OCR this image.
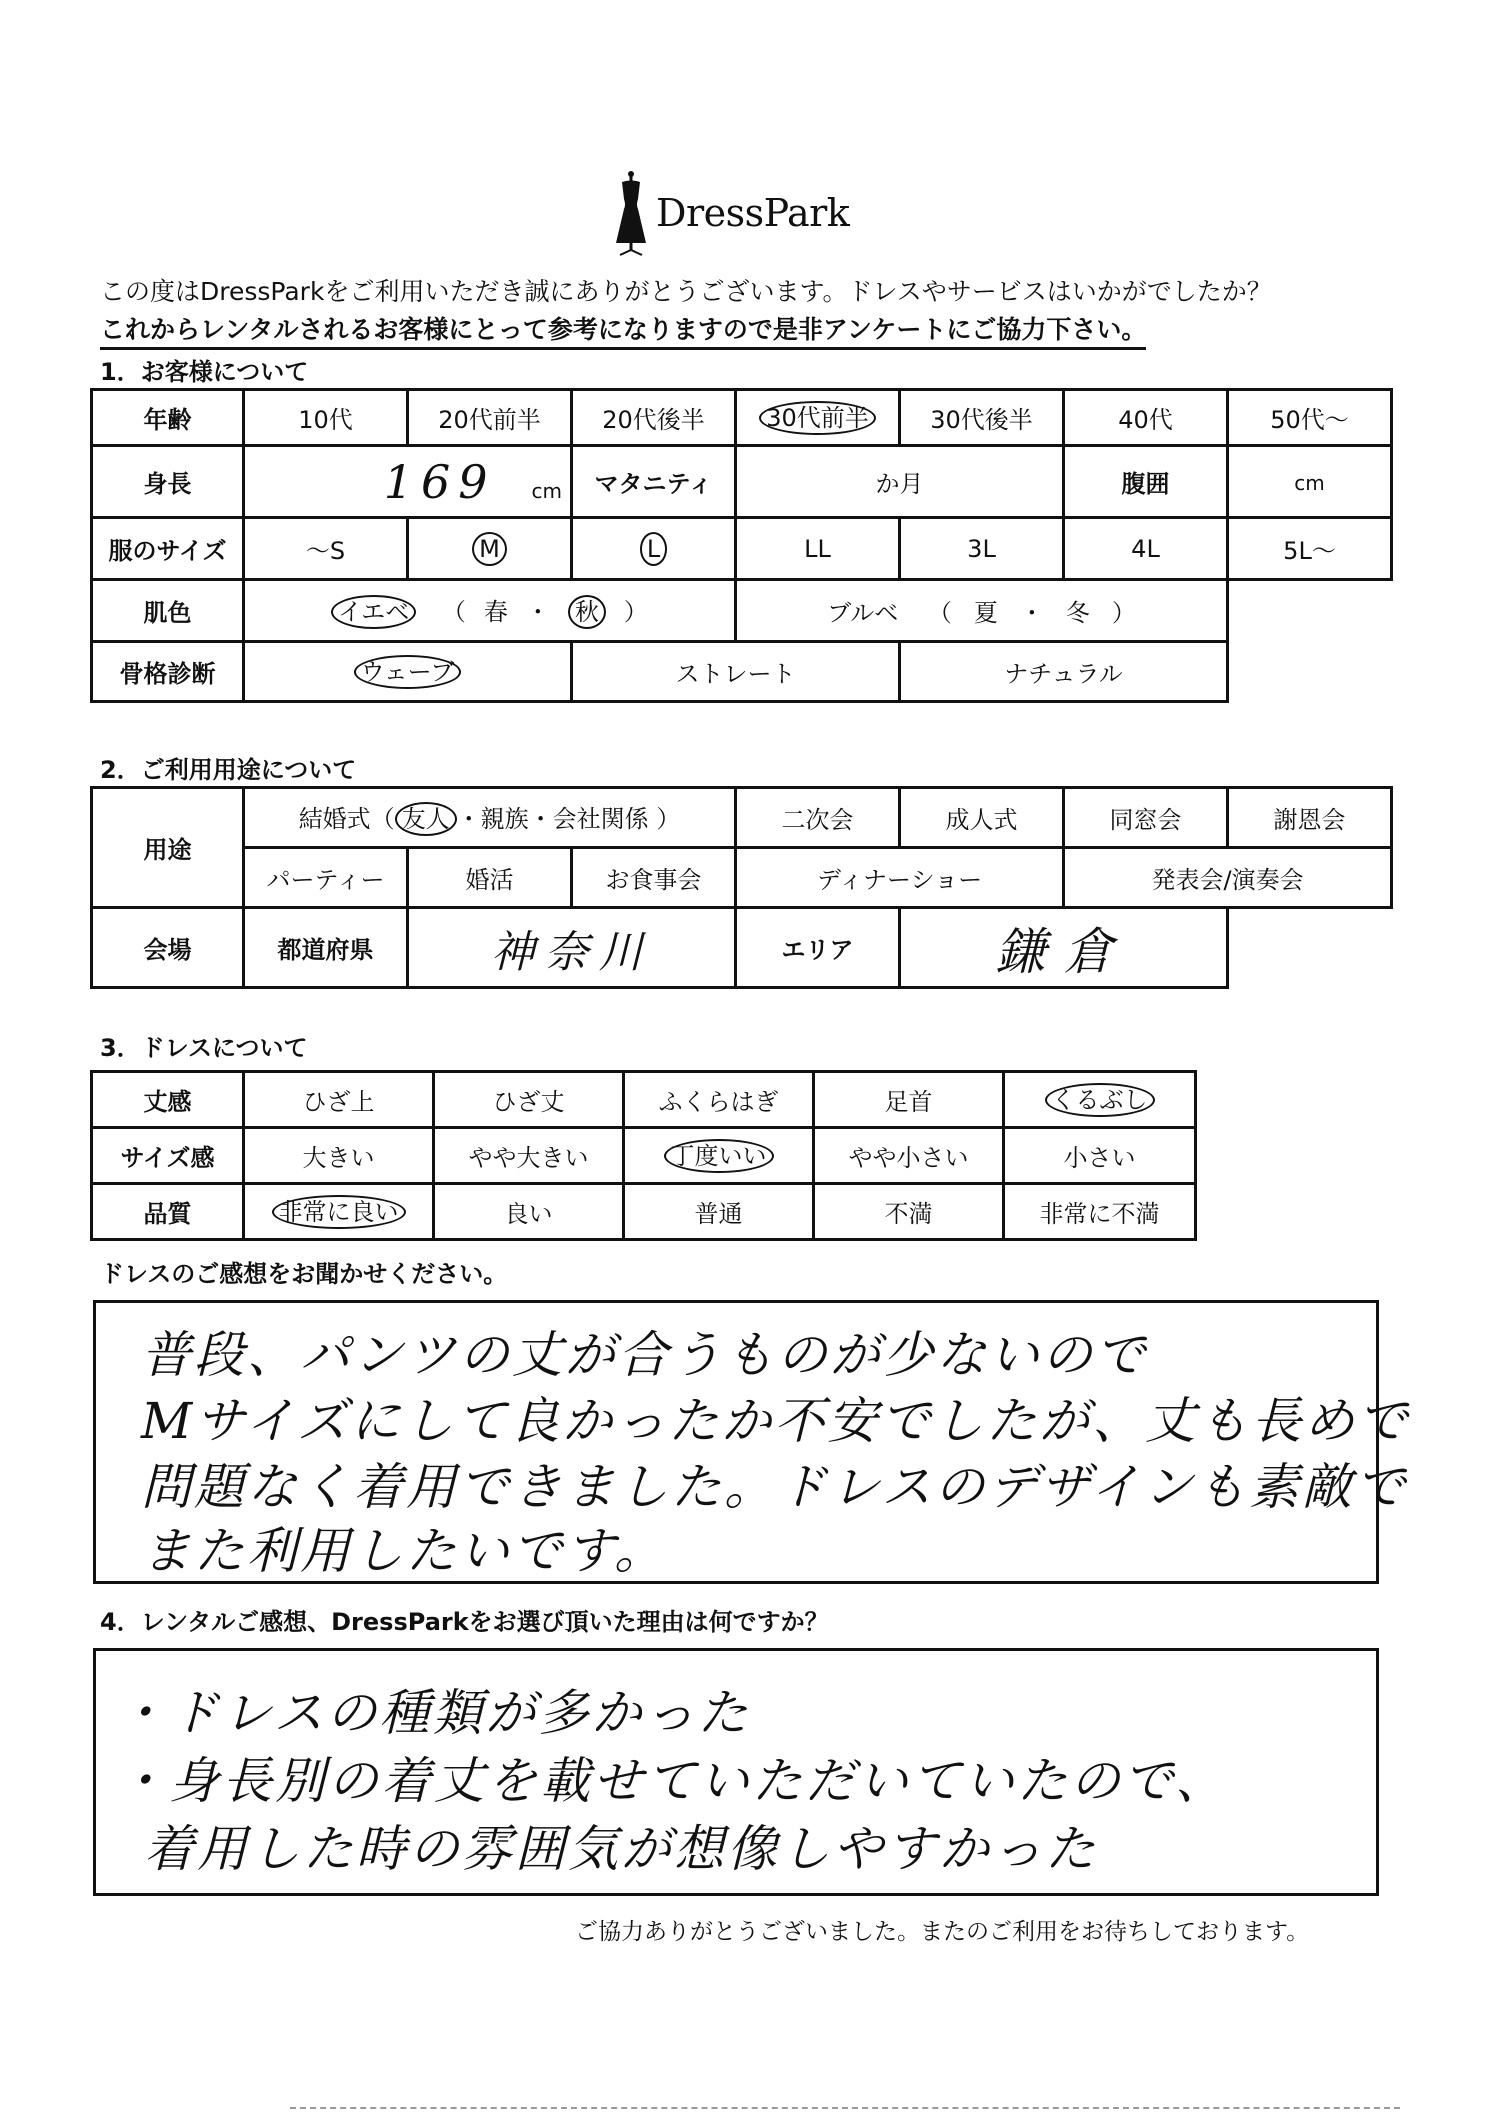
DressPark
この度はDressParkをご利用いただき誠にありがとうございます。ドレスやサービスはいかがでしたか？
これからレンタルされるお客様にとって参考になりますので是非アンケートにご協力下さい。
1．お客様について
年齢	10代	20代前半	20代後半	30代前半	30代後半	40代	50代～
身長	169 cm		マタニティ	か月		腹囲	cm
服のサイズ	～S	M	L	LL	3L	4L	5L～
肌色	イエベ （ 春 ・ 秋 ）			ブルベ （ 夏 ・ 冬 ）			
骨格診断	ウェーブ		ストレート		ナチュラル		
2．ご利用用途について
用途	結婚式（ 友人 ・親族・会社関係 ）			二次会	成人式	同窓会	謝恩会
	パーティー	婚活	お食事会	ディナーショー		発表会/演奏会	
会場	都道府県	神奈川		エリア	鎌倉		
3．ドレスについて
丈感	ひざ上	ひざ丈	ふくらはぎ	足首	くるぶし
サイズ感	大きい	やや大きい	丁度いい	やや小さい	小さい
品質	非常に良い	良い	普通	不満	非常に不満
ドレスのご感想をお聞かせください。
普段、パンツの丈が合うものが少ないので
Mサイズにして良かったか不安でしたが、丈も長めで
問題なく着用できました。ドレスのデザインも素敵で
また利用したいです。
4．レンタルご感想、DressParkをお選び頂いた理由は何ですか？
・ドレスの種類が多かった
・身長別の着丈を載せていただいていたので、
着用した時の雰囲気が想像しやすかった
ご協力ありがとうございました。またのご利用をお待ちしております。
